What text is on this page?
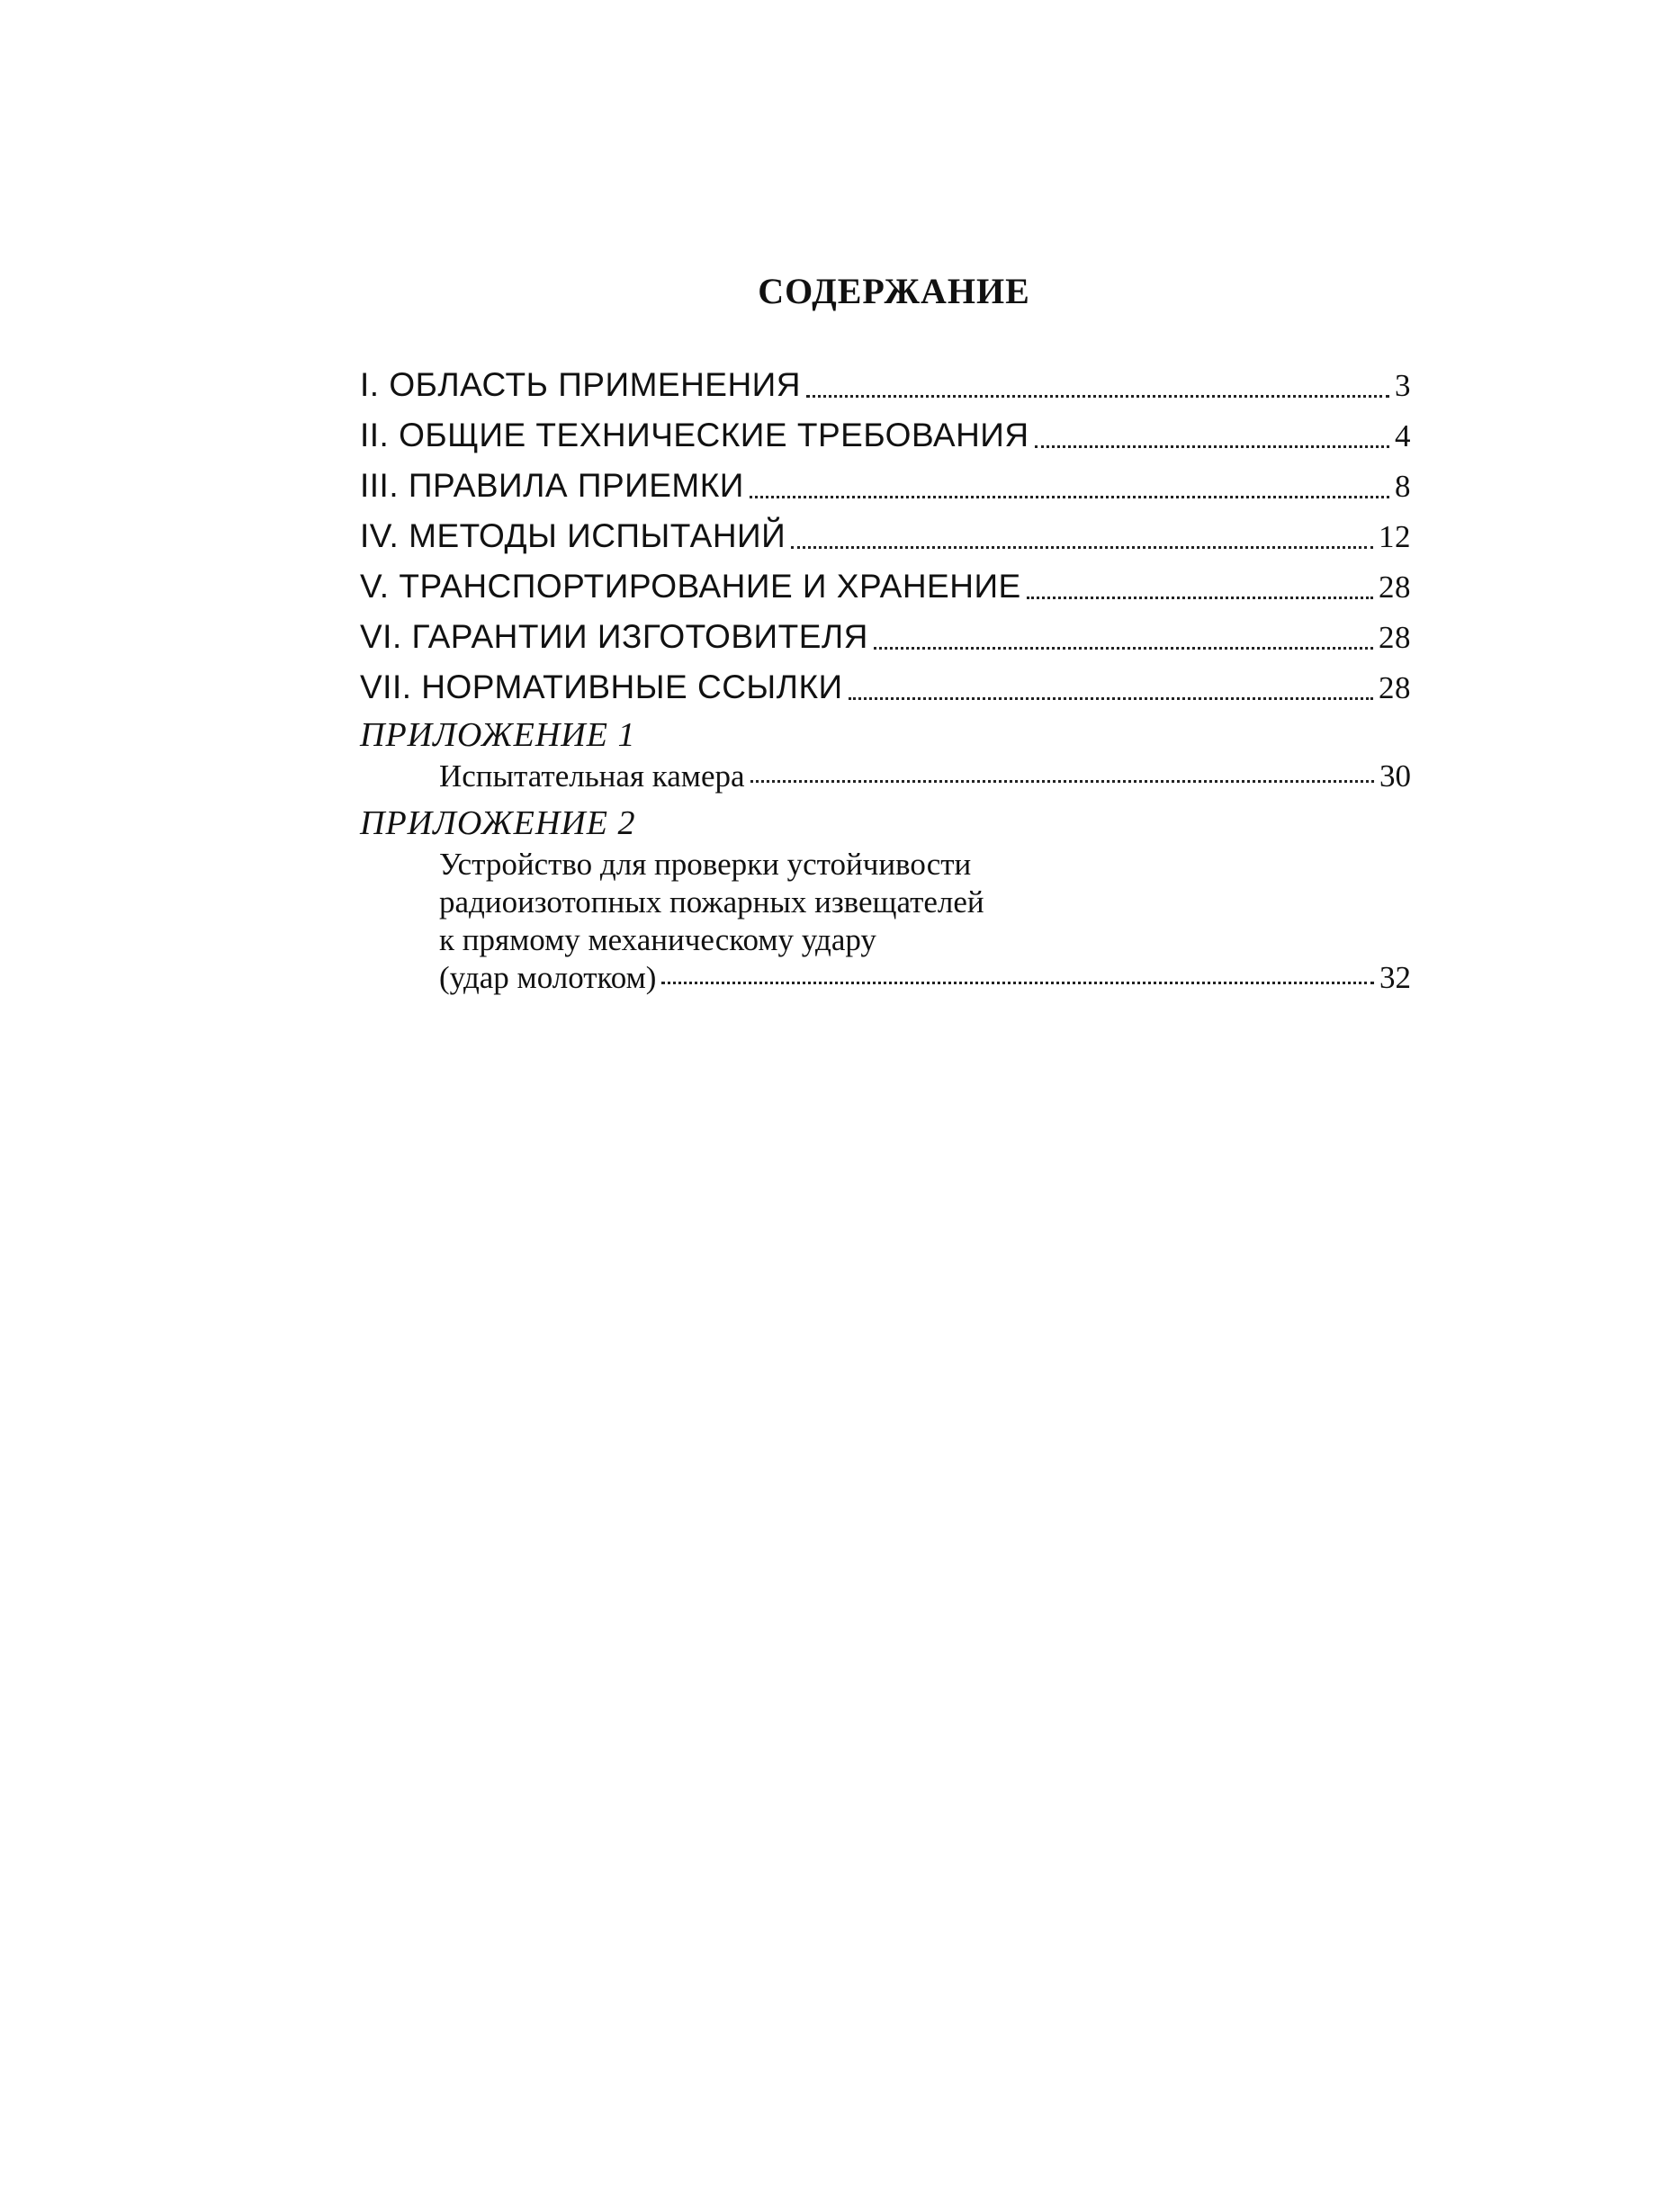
СОДЕРЖАНИЕ
I. ОБЛАСТЬ ПРИМЕНЕНИЯ	3
II. ОБЩИЕ ТЕХНИЧЕСКИЕ ТРЕБОВАНИЯ	4
III. ПРАВИЛА ПРИЕМКИ	8
IV. МЕТОДЫ ИСПЫТАНИЙ	12
V. ТРАНСПОРТИРОВАНИЕ И ХРАНЕНИЕ	28
VI. ГАРАНТИИ ИЗГОТОВИТЕЛЯ	28
VII. НОРМАТИВНЫЕ ССЫЛКИ	28
ПРИЛОЖЕНИЕ 1
Испытательная камера	30
ПРИЛОЖЕНИЕ 2
Устройство для проверки устойчивости
радиоизотопных пожарных извещателей
к прямому механическому удару
(удар молотком)	32
